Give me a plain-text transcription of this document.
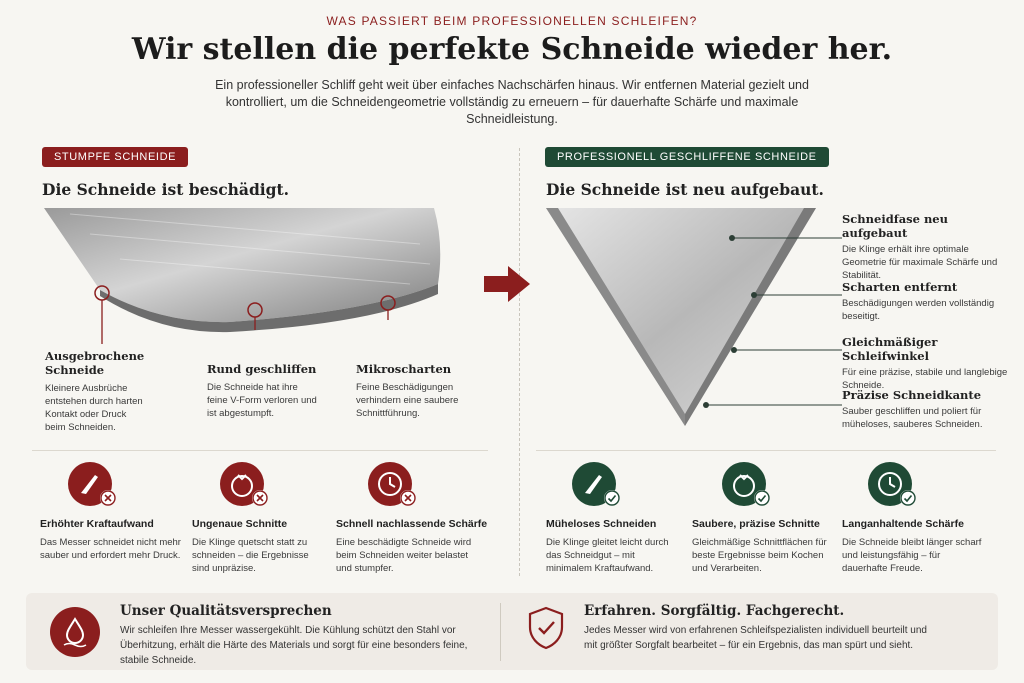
WAS PASSIERT BEIM PROFESSIONELLEN SCHLEIFEN?
Wir stellen die perfekte Schneide wieder her.
Ein professioneller Schliff geht weit über einfaches Nachschärfen hinaus. Wir entfernen Material gezielt und kontrolliert, um die Schneidengeometrie vollständig zu erneuern – für dauerhafte Schärfe und maximale Schneidleistung.
STUMPFE SCHNEIDE
Die Schneide ist beschädigt.
Ausgebrochene Schneide
Kleinere Ausbrüche entstehen durch harten Kontakt oder Druck beim Schneiden.
Rund geschliffen
Die Schneide hat ihre feine V-Form verloren und ist abgestumpft.
Mikroscharten
Feine Beschädigungen verhindern eine saubere Schnittführung.
PROFESSIONELL GESCHLIFFENE SCHNEIDE
Die Schneide ist neu aufgebaut.
Schneidfase neu aufgebaut
Die Klinge erhält ihre optimale Geometrie für maximale Schärfe und Stabilität.
Scharten entfernt
Beschädigungen werden vollständig beseitigt.
Gleichmäßiger Schleifwinkel
Für eine präzise, stabile und langlebige Schneide.
Präzise Schneidkante
Sauber geschliffen und poliert für müheloses, sauberes Schneiden.
Erhöhter Kraftaufwand
Das Messer schneidet nicht mehr sauber und erfordert mehr Druck.
Ungenaue Schnitte
Die Klinge quetscht statt zu schneiden – die Ergebnisse sind unpräzise.
Schnell nachlassende Schärfe
Eine beschädigte Schneide wird beim Schneiden weiter belastet und stumpfer.
Müheloses Schneiden
Die Klinge gleitet leicht durch das Schneidgut – mit minimalem Kraftaufwand.
Saubere, präzise Schnitte
Gleichmäßige Schnittflächen für beste Ergebnisse beim Kochen und Verarbeiten.
Langanhaltende Schärfe
Die Schneide bleibt länger scharf und leistungsfähig – für dauerhafte Freude.
Unser Qualitätsversprechen
Wir schleifen Ihre Messer wassergekühlt. Die Kühlung schützt den Stahl vor Überhitzung, erhält die Härte des Materials und sorgt für eine besonders feine, stabile Schneide.
Erfahren. Sorgfältig. Fachgerecht.
Jedes Messer wird von erfahrenen Schleifspezialisten individuell beurteilt und mit größter Sorgfalt bearbeitet – für ein Ergebnis, das man spürt und sieht.
